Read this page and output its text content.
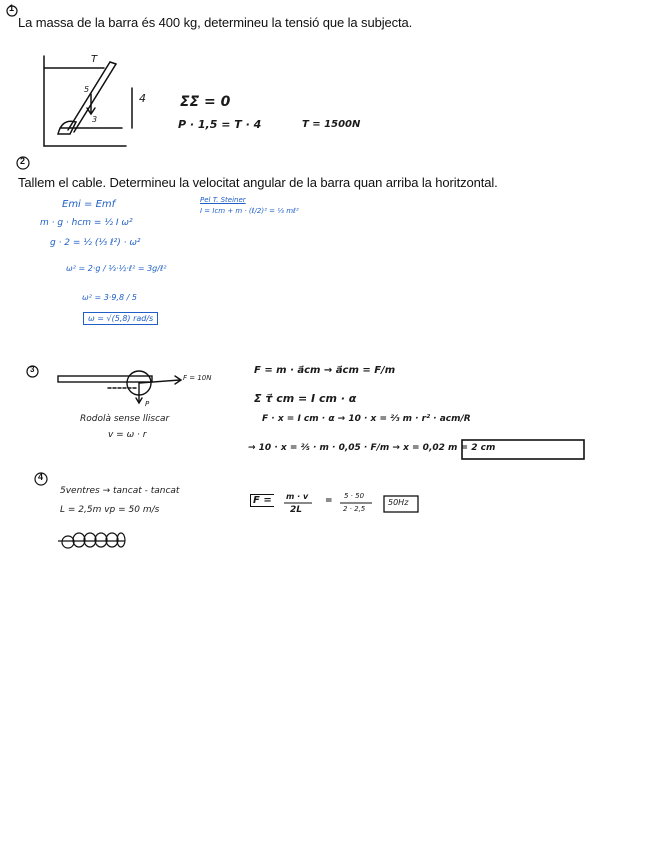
1
La massa de la barra és 400 kg, determineu la tensió que la subjecta.
T
4
5
3
ΣΣ⃗ = 0
P · 1,5 = T · 4	T = 1500N
2
Tallem el cable. Determineu la velocitat angular de la barra quan arriba la horitzontal.
Emi = Emf
m · g · hcm = ½ I ω²
g · 2 = ½ (⅓ ℓ²) · ω²
ω² = 2·g / ⅓·½·ℓ² = 3g/ℓ²
ω² = 3·9,8 / 5
ω = √(5,8) rad/s
Pel T. Steiner
I = Icm + m · (ℓ/2)² = ⅓ mℓ²
3
F = 10N
P
Rodolà sense lliscar
v = ω · r
F = m · a⃗cm → a⃗cm = F/m
Σ τ⃗ cm = I cm · α
F · x = I cm · α → 10 · x = ⅔ m · r² · acm/R
→ 10 · x = ⅖ · m · 0,05 · F/m → x = 0,02 m = 2 cm
4
5ventres → tancat - tancat
L = 2,5m vp = 50 m/s
F = m · v
2L
= 5 · 50
2 · 2,5
50Hz
